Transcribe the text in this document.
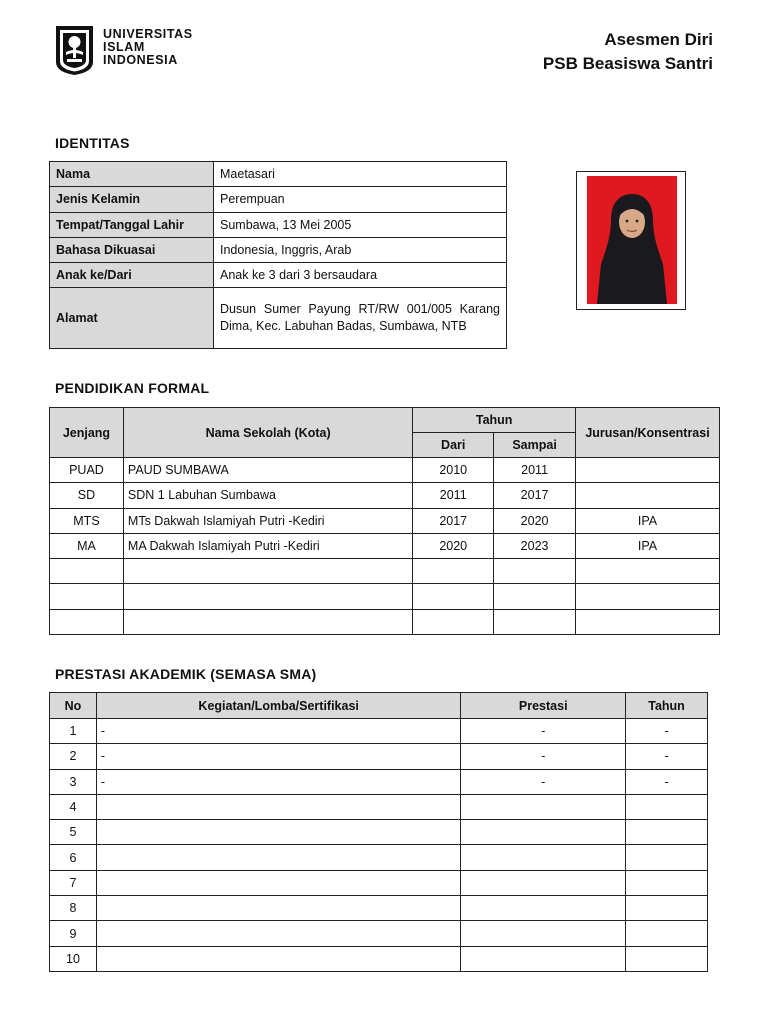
UNIVERSITAS
ISLAM
INDONESIA
Asesmen Diri
PSB Beasiswa Santri
IDENTITAS
Nama	Maetasari
Jenis Kelamin	Perempuan
Tempat/Tanggal Lahir	Sumbawa, 13 Mei 2005
Bahasa Dikuasai	Indonesia, Inggris, Arab
Anak ke/Dari	Anak ke 3 dari 3 bersaudara
Alamat	Dusun Sumer Payung RT/RW 001/005 Karang Dima, Kec. Labuhan Badas, Sumbawa, NTB
PENDIDIKAN FORMAL
Jenjang	Nama Sekolah (Kota)	Tahun		Jurusan/Konsentrasi
		Dari	Sampai	
PUAD	PAUD SUMBAWA	2010	2011	
SD	SDN 1 Labuhan Sumbawa	2011	2017	
MTS	MTs Dakwah Islamiyah Putri -Kediri	2017	2020	IPA
MA	MA Dakwah Islamiyah Putri -Kediri	2020	2023	IPA

PRESTASI AKADEMIK (SEMASA SMA)
No	Kegiatan/Lomba/Sertifikasi	Prestasi	Tahun
1	-	-	-
2	-	-	-
3	-	-	-
4			
5			
6			
7			
8			
9			
10			
